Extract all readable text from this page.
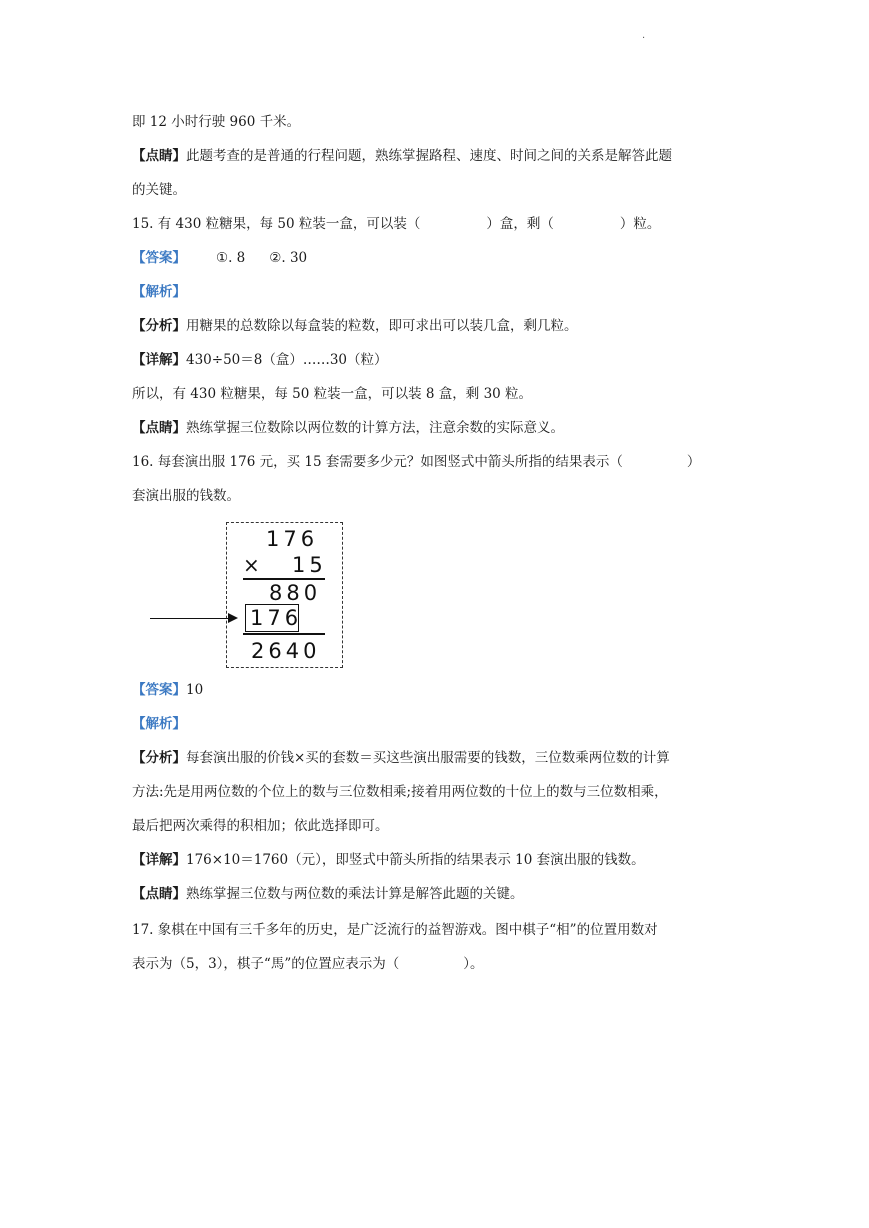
.
即 12 小时行驶 960 千米。
【点睛】此题考查的是普通的行程问题，熟练掌握路程、速度、时间之间的关系是解答此题
的关键。
15. 有 430 粒糖果，每 50 粒装一盒，可以装（	）盒，剩（	）粒。
【答案】 ①. 8 ②. 30
【解析】
【分析】用糖果的总数除以每盒装的粒数，即可求出可以装几盒，剩几粒。
【详解】430÷50＝8（盒）……30（粒）
所以，有 430 粒糖果，每 50 粒装一盒，可以装 8 盒，剩 30 粒。
【点睛】熟练掌握三位数除以两位数的计算方法，注意余数的实际意义。
16. 每套演出服 176 元，买 15 套需要多少元？如图竖式中箭头所指的结果表示（	）
套演出服的钱数。
176
× 15
880
176
2640
【答案】10
【解析】
【分析】每套演出服的价钱×买的套数＝买这些演出服需要的钱数，三位数乘两位数的计算
方法:先是用两位数的个位上的数与三位数相乘;接着用两位数的十位上的数与三位数相乘，
最后把两次乘得的积相加；依此选择即可。
【详解】176×10＝1760（元），即竖式中箭头所指的结果表示 10 套演出服的钱数。
【点睛】熟练掌握三位数与两位数的乘法计算是解答此题的关键。
17. 象棋在中国有三千多年的历史，是广泛流行的益智游戏。图中棋子“相”的位置用数对
表示为（5，3），棋子“馬”的位置应表示为（	）。
